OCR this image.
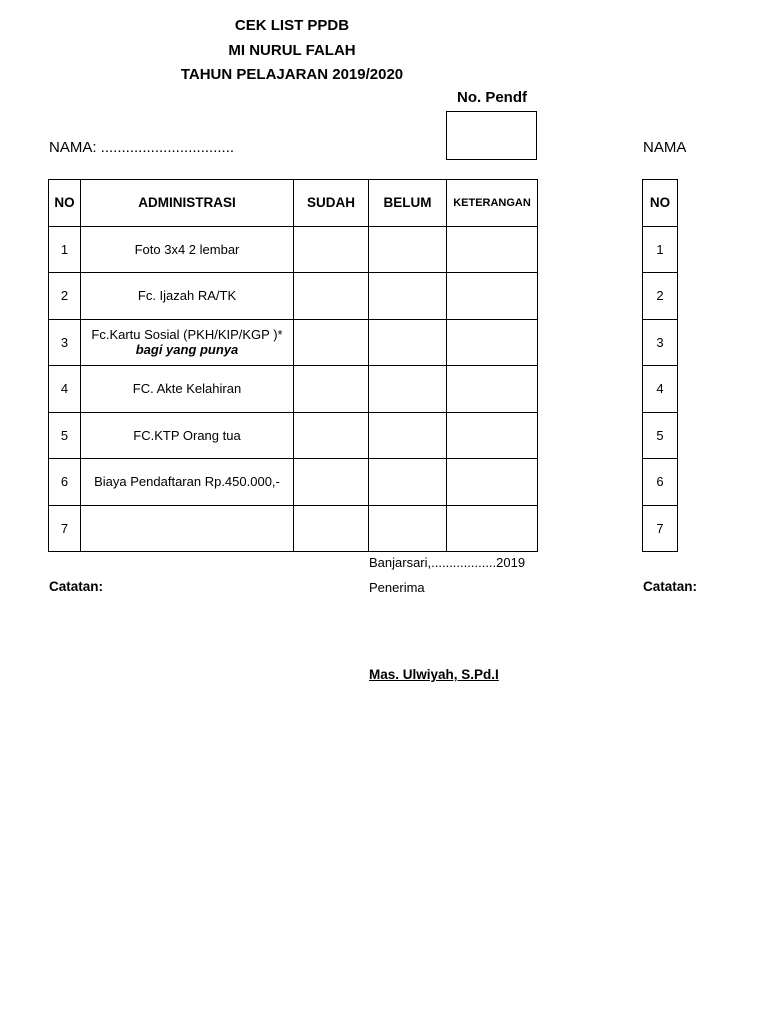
CEK LIST PPDB
MI NURUL FALAH
TAHUN PELAJARAN 2019/2020
No. Pendf
NAMA: ................................	NAMA
NO	ADMINISTRASI	SUDAH	BELUM	KETERANGAN
1	Foto 3x4 2 lembar			
2	Fc. Ijazah RA/TK			
3	Fc.Kartu Sosial (PKH/KIP/KGP )*
bagi yang punya			

4	FC. Akte Kelahiran			
5	FC.KTP Orang tua			
6	Biaya Pendaftaran Rp.450.000,-			
7				
NO
1
2
3
4
5
6
7
Banjarsari,..................2019
Catatan:	Catatan:
Penerima
Mas. Ulwiyah, S.Pd.I
